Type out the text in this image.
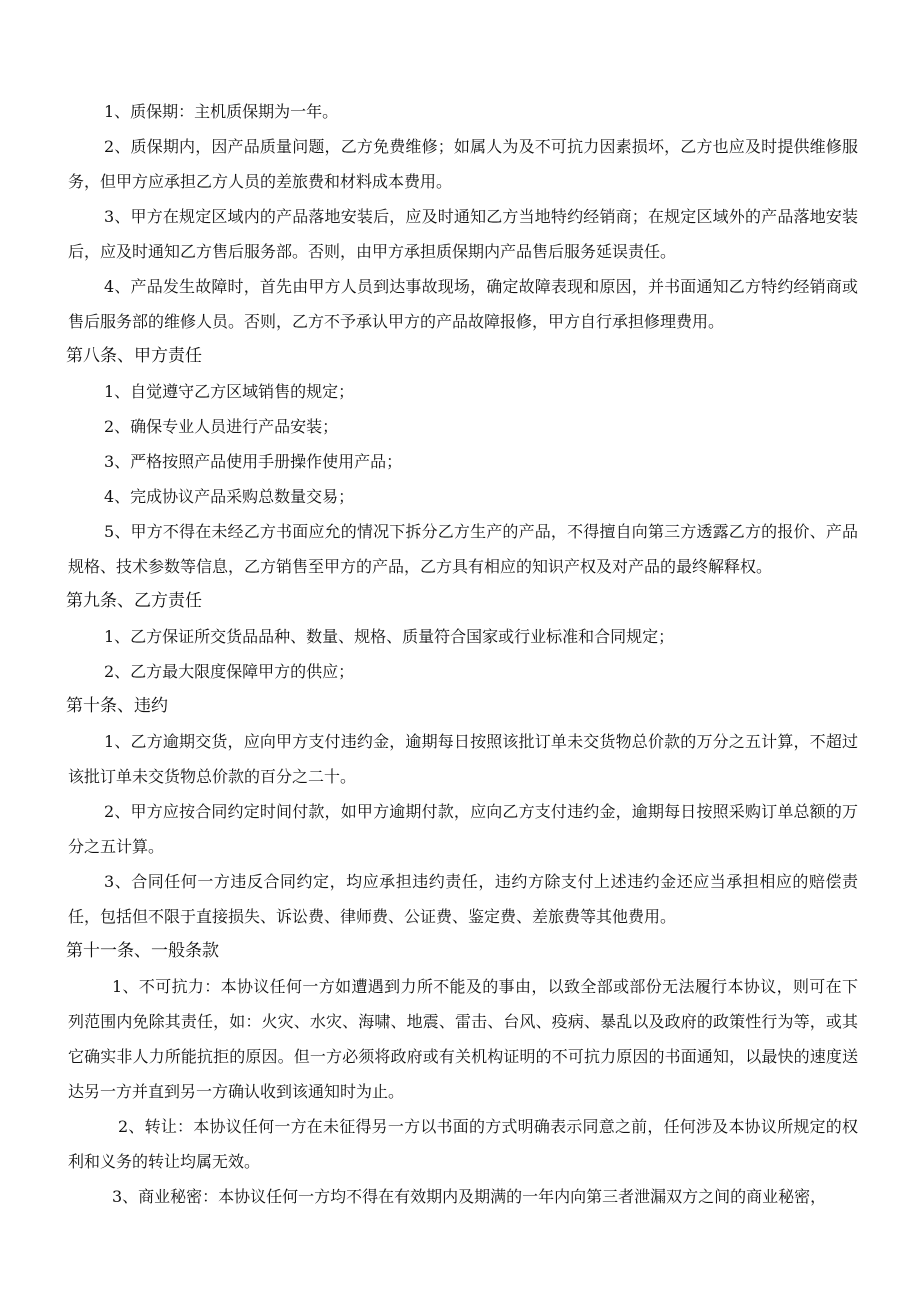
1、质保期：主机质保期为一年。
2、质保期内，因产品质量问题，乙方免费维修；如属人为及不可抗力因素损坏，乙方也应及时提供维修服务，但甲方应承担乙方人员的差旅费和材料成本费用。
3、甲方在规定区域内的产品落地安装后，应及时通知乙方当地特约经销商；在规定区域外的产品落地安装后，应及时通知乙方售后服务部。否则，由甲方承担质保期内产品售后服务延误责任。
4、产品发生故障时，首先由甲方人员到达事故现场，确定故障表现和原因，并书面通知乙方特约经销商或售后服务部的维修人员。否则，乙方不予承认甲方的产品故障报修，甲方自行承担修理费用。
第八条、甲方责任
1、自觉遵守乙方区域销售的规定；
2、确保专业人员进行产品安装；
3、严格按照产品使用手册操作使用产品；
4、完成协议产品采购总数量交易；
5、甲方不得在未经乙方书面应允的情况下拆分乙方生产的产品，不得擅自向第三方透露乙方的报价、产品规格、技术参数等信息，乙方销售至甲方的产品，乙方具有相应的知识产权及对产品的最终解释权。
第九条、乙方责任
1、乙方保证所交货品品种、数量、规格、质量符合国家或行业标准和合同规定；
2、乙方最大限度保障甲方的供应；
第十条、违约
1、乙方逾期交货，应向甲方支付违约金，逾期每日按照该批订单未交货物总价款的万分之五计算，不超过该批订单未交货物总价款的百分之二十。
2、甲方应按合同约定时间付款，如甲方逾期付款，应向乙方支付违约金，逾期每日按照采购订单总额的万分之五计算。
3、合同任何一方违反合同约定，均应承担违约责任，违约方除支付上述违约金还应当承担相应的赔偿责任，包括但不限于直接损失、诉讼费、律师费、公证费、鉴定费、差旅费等其他费用。
第十一条、一般条款
1、不可抗力：本协议任何一方如遭遇到力所不能及的事由，以致全部或部份无法履行本协议，则可在下列范围内免除其责任，如：火灾、水灾、海啸、地震、雷击、台风、疫病、暴乱以及政府的政策性行为等，或其它确实非人力所能抗拒的原因。但一方必须将政府或有关机构证明的不可抗力原因的书面通知，以最快的速度送达另一方并直到另一方确认收到该通知时为止。
2、转让：本协议任何一方在未征得另一方以书面的方式明确表示同意之前，任何涉及本协议所规定的权利和义务的转让均属无效。
3、商业秘密：本协议任何一方均不得在有效期内及期满的一年内向第三者泄漏双方之间的商业秘密，
